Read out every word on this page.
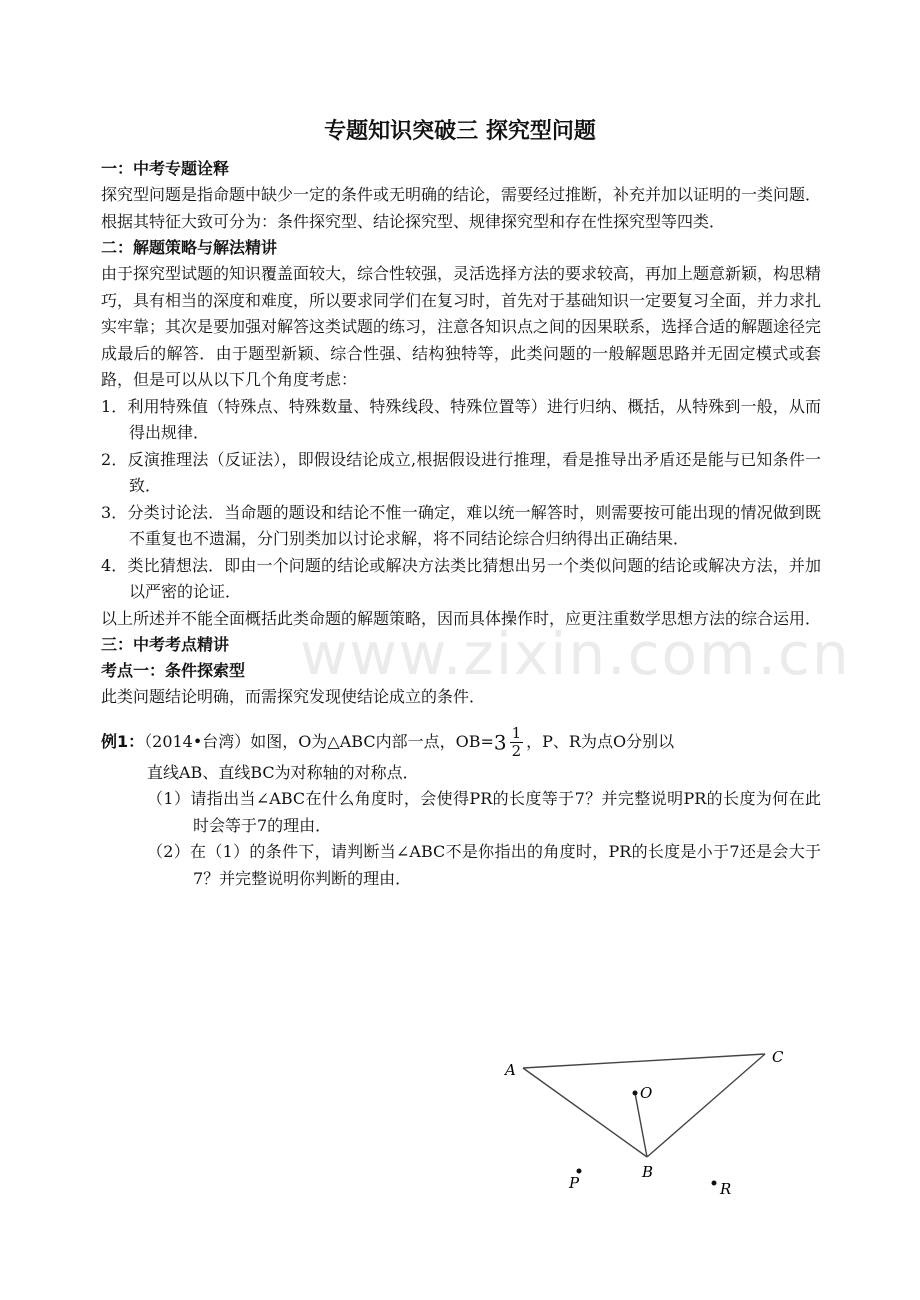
www.zixin.com.cn
专题知识突破三 探究型问题
一：中考专题诠释
探究型问题是指命题中缺少一定的条件或无明确的结论，需要经过推断，补充并加以证明的一类问题．根据其特征大致可分为：条件探究型、结论探究型、规律探究型和存在性探究型等四类．
二：解题策略与解法精讲
由于探究型试题的知识覆盖面较大，综合性较强，灵活选择方法的要求较高，再加上题意新颖，构思精巧，具有相当的深度和难度，所以要求同学们在复习时，首先对于基础知识一定要复习全面，并力求扎实牢靠；其次是要加强对解答这类试题的练习，注意各知识点之间的因果联系，选择合适的解题途径完成最后的解答．由于题型新颖、综合性强、结构独特等，此类问题的一般解题思路并无固定模式或套路，但是可以从以下几个角度考虑：
1．利用特殊值（特殊点、特殊数量、特殊线段、特殊位置等）进行归纳、概括，从特殊到一般，从而得出规律．
2．反演推理法（反证法），即假设结论成立,根据假设进行推理，看是推导出矛盾还是能与已知条件一致．
3．分类讨论法．当命题的题设和结论不惟一确定，难以统一解答时，则需要按可能出现的情况做到既不重复也不遗漏，分门别类加以讨论求解，将不同结论综合归纳得出正确结果．
4．类比猜想法．即由一个问题的结论或解决方法类比猜想出另一个类似问题的结论或解决方法，并加以严密的论证．
以上所述并不能全面概括此类命题的解题策略，因而具体操作时，应更注重数学思想方法的综合运用．
三：中考考点精讲
考点一：条件探索型
此类问题结论明确，而需探究发现使结论成立的条件．
例1：（2014•台湾）如图，O为△ABC内部一点，$OB=3 \frac{1}{2}$ ，P、R为点O分别以
直线AB、直线BC为对称轴的对称点．
（1）请指出当∠ABC在什么角度时，会使得PR的长度等于7？并完整说明PR的长度为何在此时会等于7的理由．
（2）在（1）的条件下，请判断当∠ABC不是你指出的角度时，PR的长度是小于7还是会大于7？并完整说明你判断的理由．
A
C
O
B
P	R
